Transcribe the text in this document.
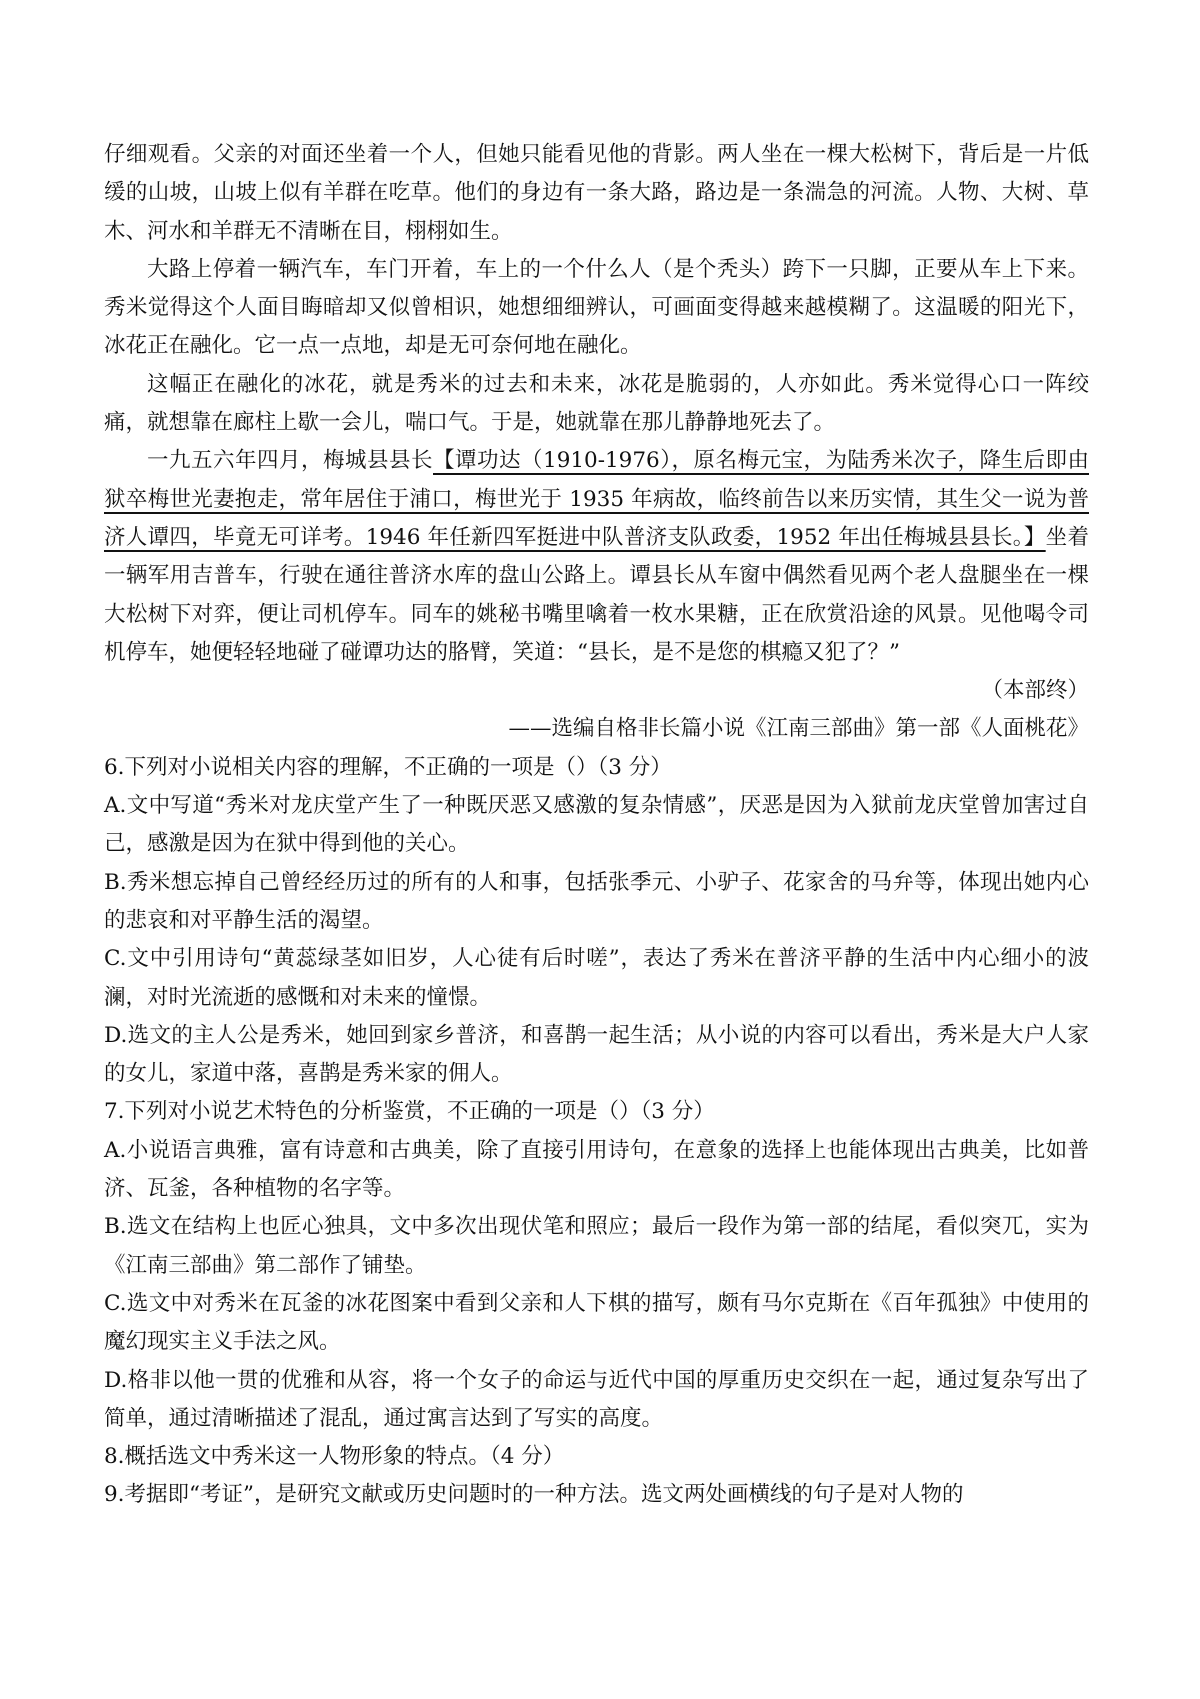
仔细观看。父亲的对面还坐着一个人，但她只能看见他的背影。两人坐在一棵大松树下，背后是一片低缓的山坡，山坡上似有羊群在吃草。他们的身边有一条大路，路边是一条湍急的河流。人物、大树、草木、河水和羊群无不清晰在目，栩栩如生。

大路上停着一辆汽车，车门开着，车上的一个什么人（是个秃头）跨下一只脚，正要从车上下来。秀米觉得这个人面目晦暗却又似曾相识，她想细细辨认，可画面变得越来越模糊了。这温暖的阳光下，冰花正在融化。它一点一点地，却是无可奈何地在融化。

这幅正在融化的冰花，就是秀米的过去和未来，冰花是脆弱的，人亦如此。秀米觉得心口一阵绞痛，就想靠在廊柱上歇一会儿，喘口气。于是，她就靠在那儿静静地死去了。

一九五六年四月，梅城县县长【谭功达（1910-1976），原名梅元宝，为陆秀米次子，降生后即由狱卒梅世光妻抱走，常年居住于浦口，梅世光于 1935 年病故，临终前告以来历实情，其生父一说为普济人谭四，毕竟无可详考。1946 年任新四军挺进中队普济支队政委，1952 年出任梅城县县长。】坐着一辆军用吉普车，行驶在通往普济水库的盘山公路上。谭县长从车窗中偶然看见两个老人盘腿坐在一棵大松树下对弈，便让司机停车。同车的姚秘书嘴里噙着一枚水果糖，正在欣赏沿途的风景。见他喝令司机停车，她便轻轻地碰了碰谭功达的胳臂，笑道：“县长，是不是您的棋瘾又犯了？”

（本部终）

——选编自格非长篇小说《江南三部曲》第一部《人面桃花》

6.下列对小说相关内容的理解，不正确的一项是（）（3 分）

A.文中写道“秀米对龙庆堂产生了一种既厌恶又感激的复杂情感”，厌恶是因为入狱前龙庆堂曾加害过自己，感激是因为在狱中得到他的关心。

B.秀米想忘掉自己曾经经历过的所有的人和事，包括张季元、小驴子、花家舍的马弁等，体现出她内心的悲哀和对平静生活的渴望。

C.文中引用诗句“黄蕊绿茎如旧岁，人心徒有后时嗟”，表达了秀米在普济平静的生活中内心细小的波澜，对时光流逝的感慨和对未来的憧憬。

D.选文的主人公是秀米，她回到家乡普济，和喜鹊一起生活；从小说的内容可以看出，秀米是大户人家的女儿，家道中落，喜鹊是秀米家的佣人。

7.下列对小说艺术特色的分析鉴赏，不正确的一项是（）（3 分）

A.小说语言典雅，富有诗意和古典美，除了直接引用诗句，在意象的选择上也能体现出古典美，比如普济、瓦釜，各种植物的名字等。

B.选文在结构上也匠心独具，文中多次出现伏笔和照应；最后一段作为第一部的结尾，看似突兀，实为《江南三部曲》第二部作了铺垫。

C.选文中对秀米在瓦釜的冰花图案中看到父亲和人下棋的描写，颇有马尔克斯在《百年孤独》中使用的魔幻现实主义手法之风。

D.格非以他一贯的优雅和从容，将一个女子的命运与近代中国的厚重历史交织在一起，通过复杂写出了简单，通过清晰描述了混乱，通过寓言达到了写实的高度。

8.概括选文中秀米这一人物形象的特点。（4 分）

9.考据即“考证”，是研究文献或历史问题时的一种方法。选文两处画横线的句子是对人物的
